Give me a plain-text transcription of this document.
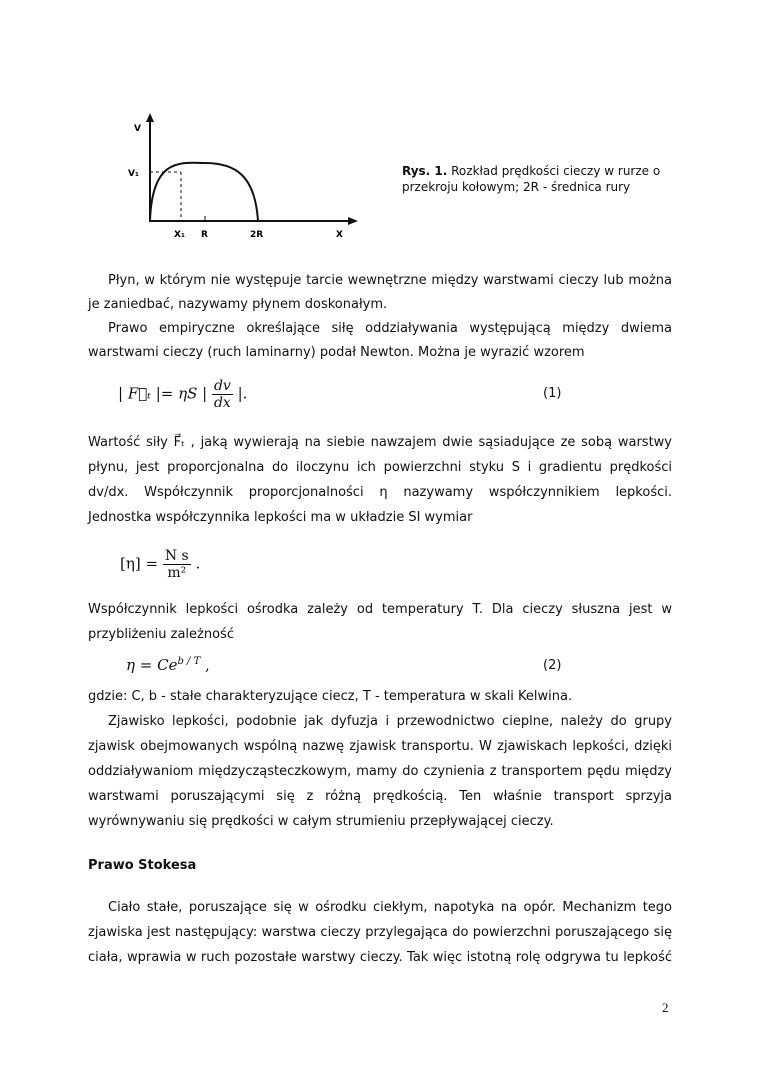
V
V₁
X₁ R	2R	X
Rys. 1. Rozkład prędkości cieczy w rurze o
przekroju kołowym; 2R - średnica rury
Płyn, w którym nie występuje tarcie wewnętrzne między warstwami cieczy lub można
je zaniedbać, nazywamy płynem doskonałym.
Prawo empiryczne określające siłę oddziaływania występującą między dwiema
warstwami cieczy (ruch laminarny) podał Newton. Można je wyrazić wzorem
| F⃗ₜ |= ηS | $\frac{dv}{dx}$ |.	(1)
Wartość siły F⃗ₜ , jaką wywierają na siebie nawzajem dwie sąsiadujące ze sobą warstwy
płynu, jest proporcjonalna do iloczynu ich powierzchni styku S i gradientu prędkości
dv/dx. Współczynnik proporcjonalności η nazywamy współczynnikiem lepkości.
Jednostka współczynnika lepkości ma w układzie SI wymiar
$[\eta] = \frac{\text{N s}}{\text{m²}}$ .
Współczynnik lepkości ośrodka zależy od temperatury T. Dla cieczy słuszna jest w
przybliżeniu zależność
$\eta = Ce^{b / T}$ ,	(2)
gdzie: C, b - stałe charakteryzujące ciecz, T - temperatura w skali Kelwina.
Zjawisko lepkości, podobnie jak dyfuzja i przewodnictwo cieplne, należy do grupy
zjawisk obejmowanych wspólną nazwę zjawisk transportu. W zjawiskach lepkości, dzięki
oddziaływaniom międzycząsteczkowym, mamy do czynienia z transportem pędu między
warstwami poruszającymi się z różną prędkością. Ten właśnie transport sprzyja
wyrównywaniu się prędkości w całym strumieniu przepływającej cieczy.
Prawo Stokesa
Ciało stałe, poruszające się w ośrodku ciekłym, napotyka na opór. Mechanizm tego
zjawiska jest następujący: warstwa cieczy przylegająca do powierzchni poruszającego się
ciała, wprawia w ruch pozostałe warstwy cieczy. Tak więc istotną rolę odgrywa tu lepkość
2
